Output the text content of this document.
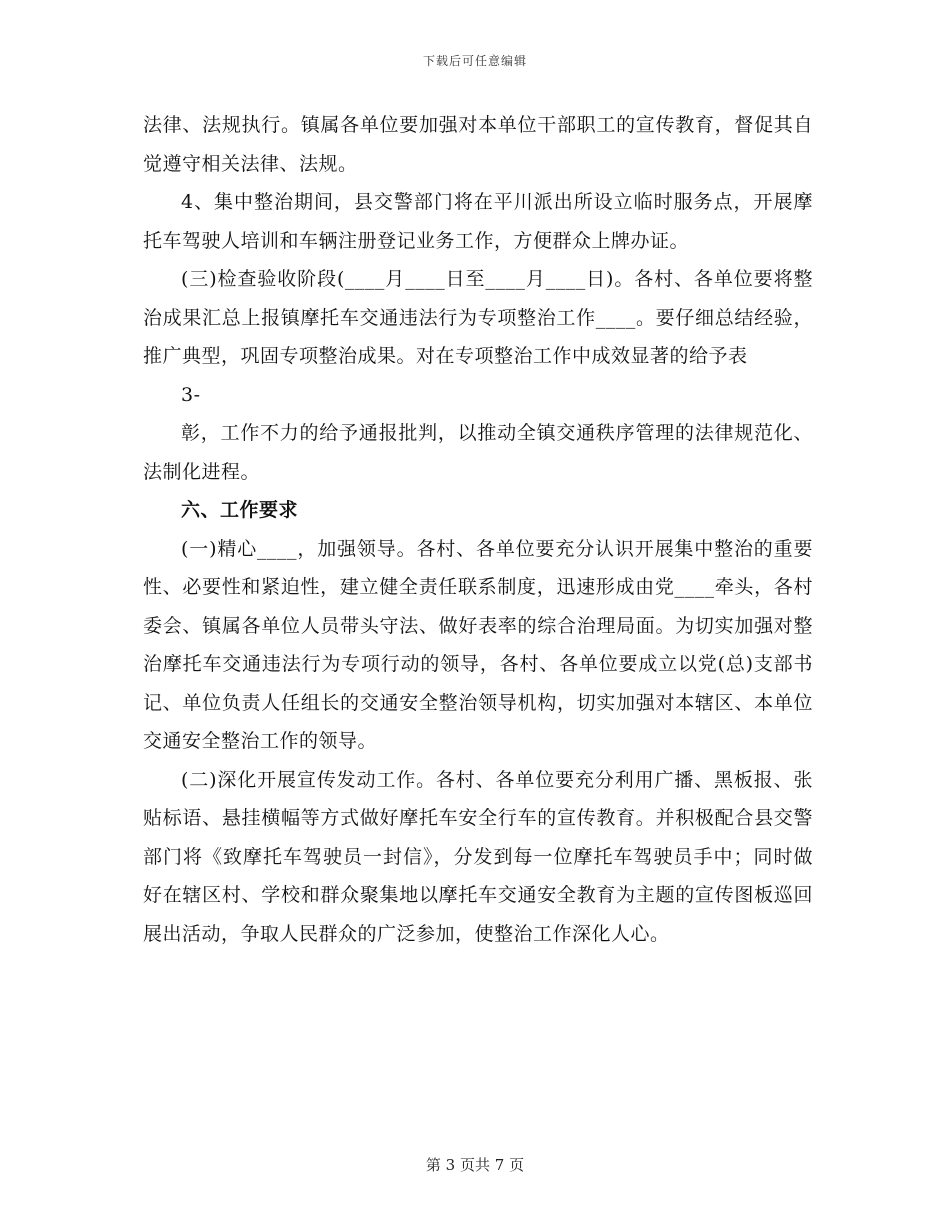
下载后可任意编辑

法律、法规执行。镇属各单位要加强对本单位干部职工的宣传教育，督促其自觉遵守相关法律、法规。

4、集中整治期间，县交警部门将在平川派出所设立临时服务点，开展摩托车驾驶人培训和车辆注册登记业务工作，方便群众上牌办证。

(三)检查验收阶段(____月____日至____月____日)。各村、各单位要将整治成果汇总上报镇摩托车交通违法行为专项整治工作____。要仔细总结经验，推广典型，巩固专项整治成果。对在专项整治工作中成效显著的给予表

3-

彰，工作不力的给予通报批判，以推动全镇交通秩序管理的法律规范化、法制化进程。

六、工作要求

(一)精心____，加强领导。各村、各单位要充分认识开展集中整治的重要性、必要性和紧迫性，建立健全责任联系制度，迅速形成由党____牵头，各村委会、镇属各单位人员带头守法、做好表率的综合治理局面。为切实加强对整治摩托车交通违法行为专项行动的领导，各村、各单位要成立以党(总)支部书记、单位负责人任组长的交通安全整治领导机构，切实加强对本辖区、本单位交通安全整治工作的领导。

(二)深化开展宣传发动工作。各村、各单位要充分利用广播、黑板报、张贴标语、悬挂横幅等方式做好摩托车安全行车的宣传教育。并积极配合县交警部门将《致摩托车驾驶员一封信》，分发到每一位摩托车驾驶员手中；同时做好在辖区村、学校和群众聚集地以摩托车交通安全教育为主题的宣传图板巡回展出活动，争取人民群众的广泛参加，使整治工作深化人心。

第 3 页共 7 页
